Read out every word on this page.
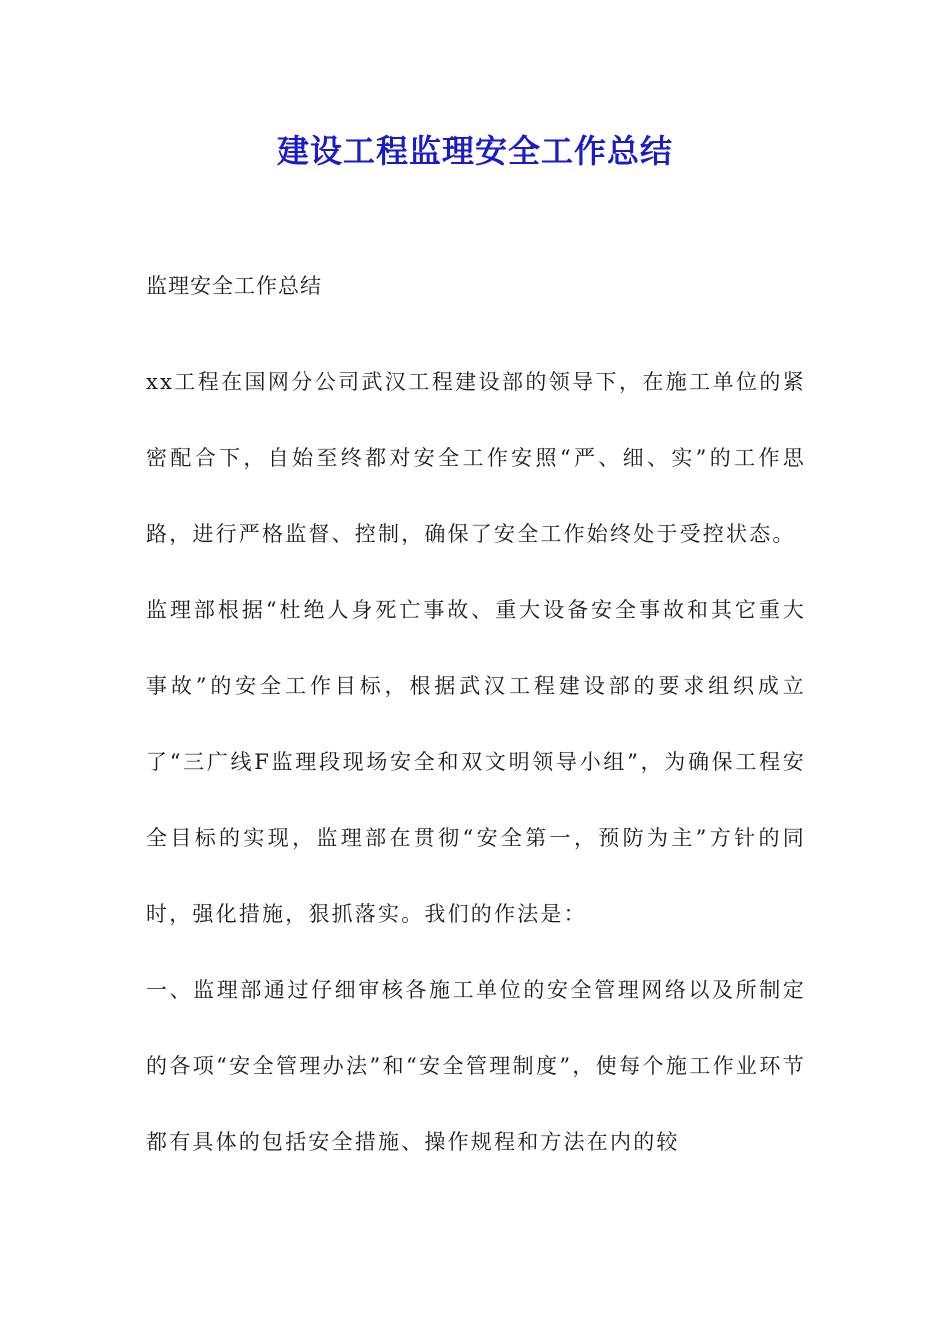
建设工程监理安全工作总结

监理安全工作总结

xx工程在国网分公司武汉工程建设部的领导下，在施工单位的紧密配合下，自始至终都对安全工作安照“严、细、实”的工作思路，进行严格监督、控制，确保了安全工作始终处于受控状态。

监理部根据“杜绝人身死亡事故、重大设备安全事故和其它重大事故”的安全工作目标，根据武汉工程建设部的要求组织成立了“三广线F监理段现场安全和双文明领导小组”，为确保工程安全目标的实现，监理部在贯彻“安全第一，预防为主”方针的同时，强化措施，狠抓落实。我们的作法是：

一、监理部通过仔细审核各施工单位的安全管理网络以及所制定的各项“安全管理办法”和“安全管理制度”，使每个施工作业环节都有具体的包括安全措施、操作规程和方法在内的较
